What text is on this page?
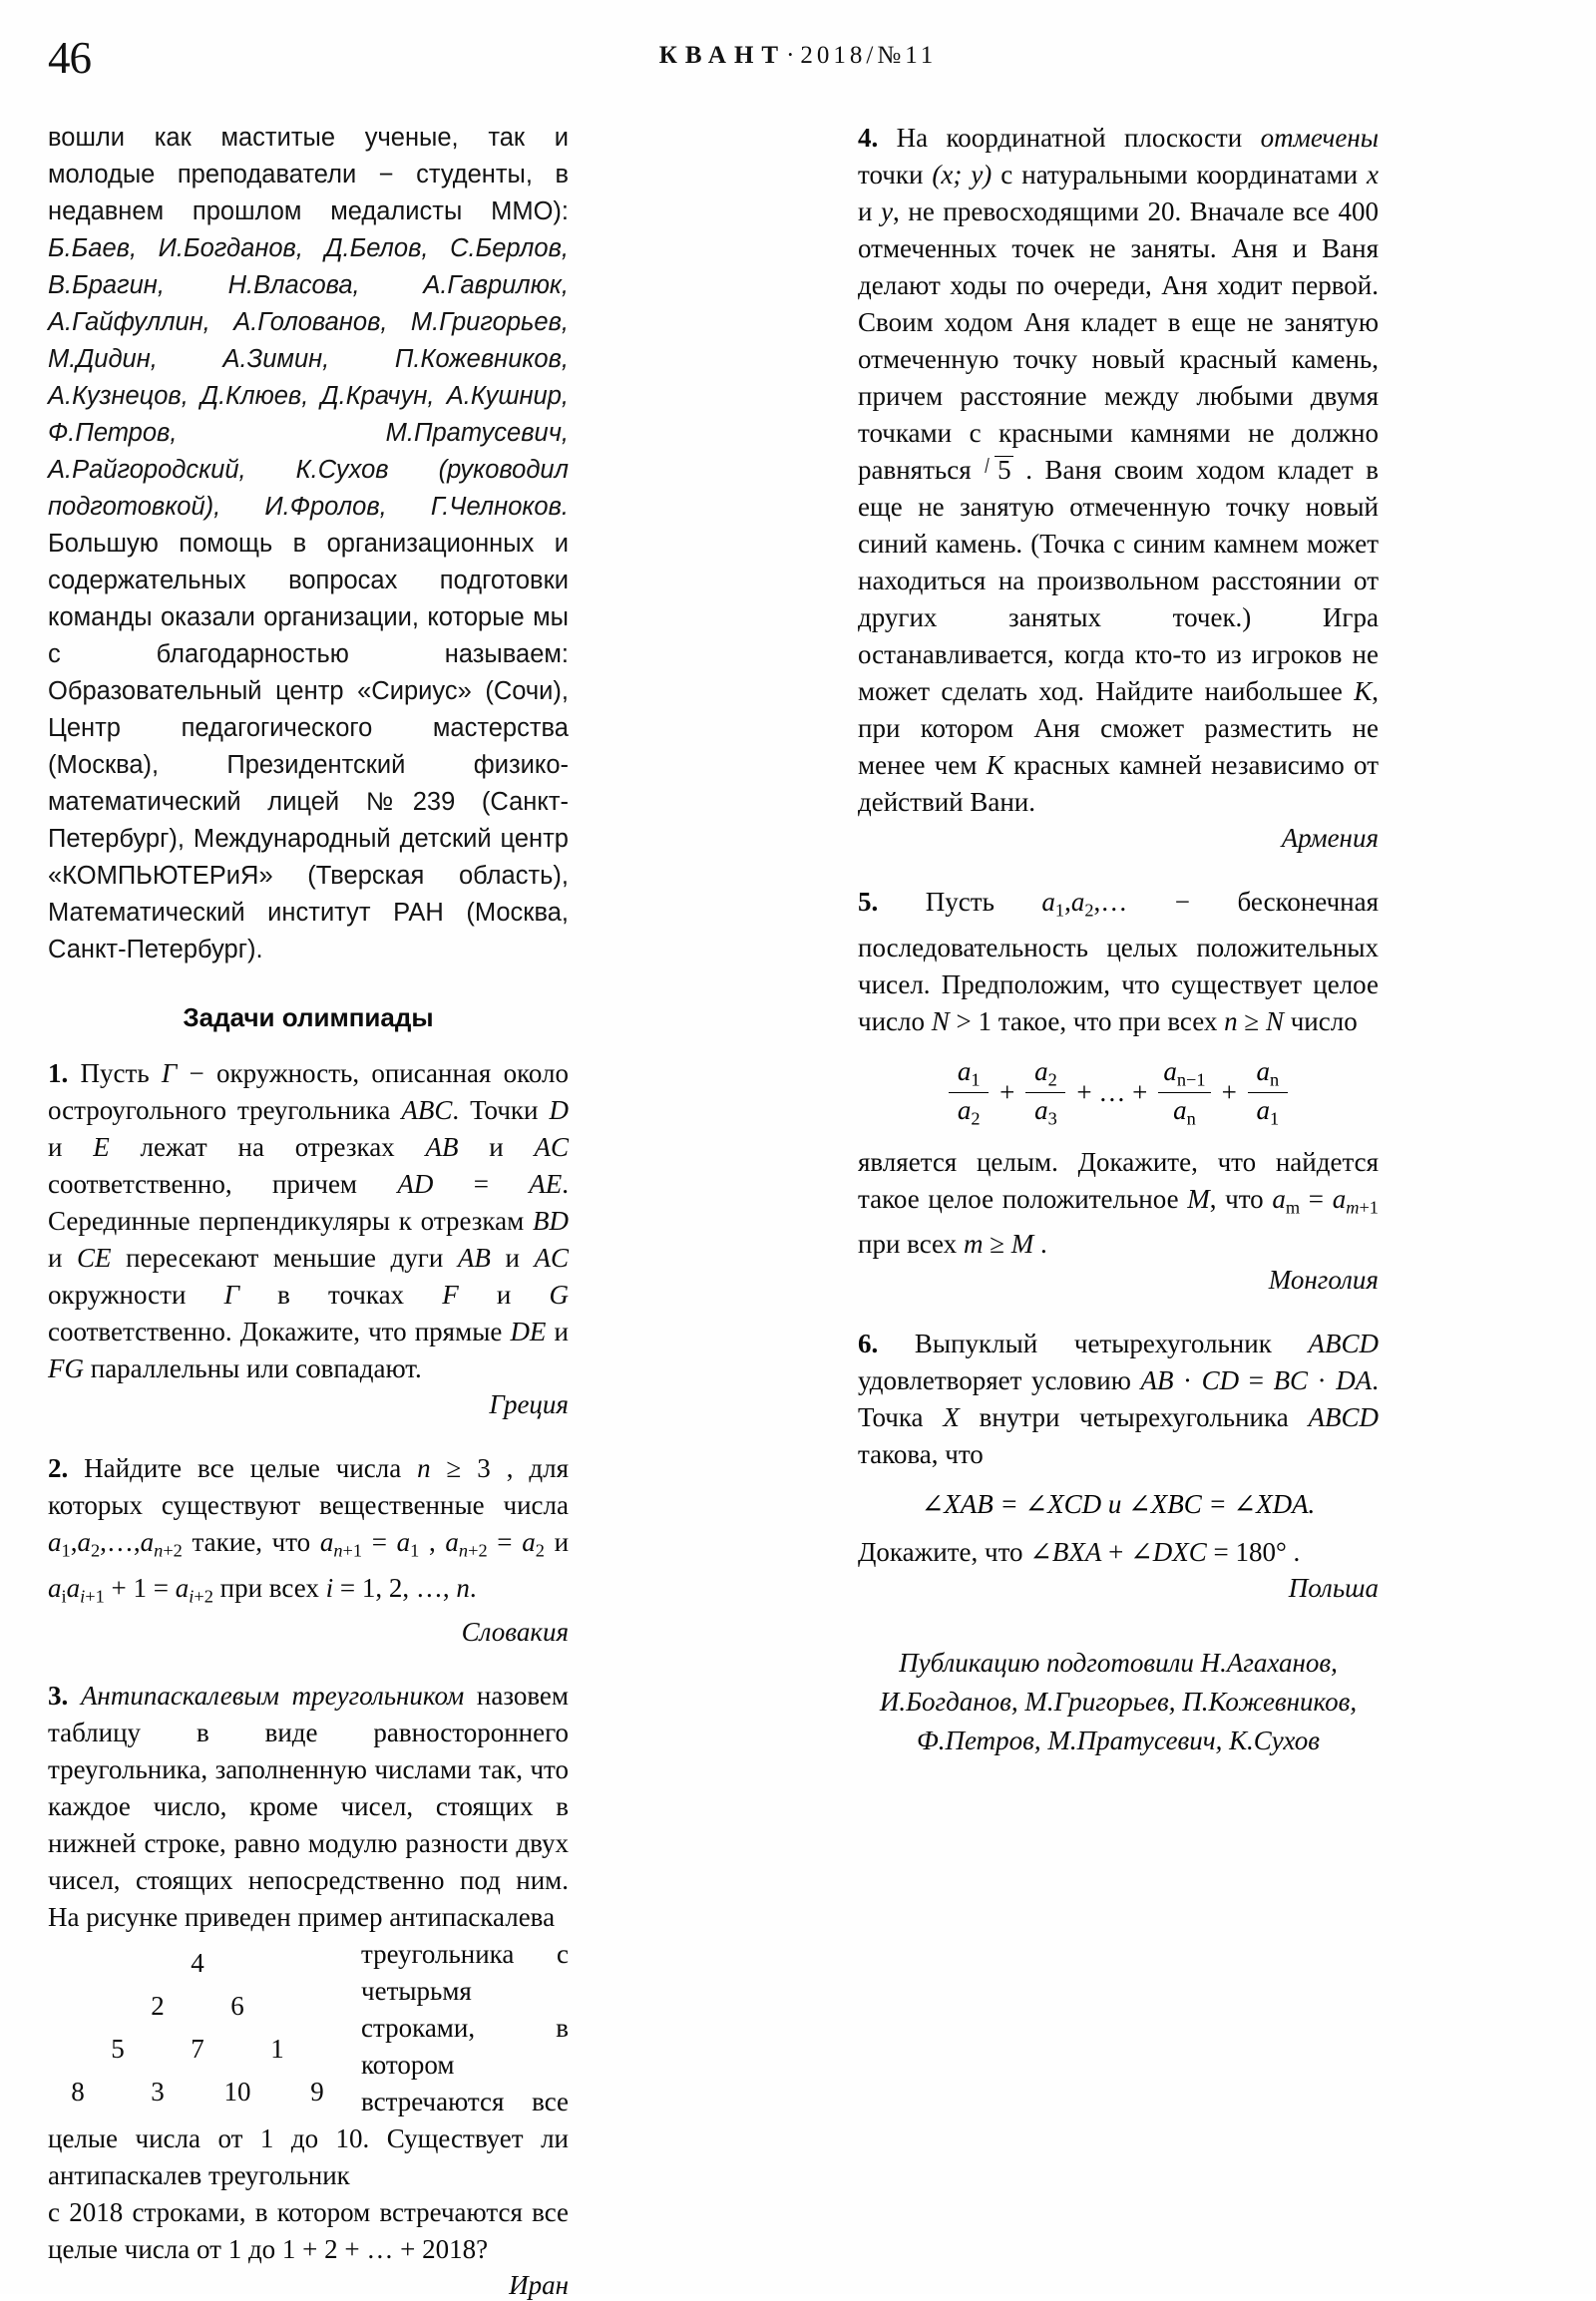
46	КВАНТ·2018/№11

вошли как маститые ученые, так и молодые преподаватели − студенты, в недавнем прошлом медалисты ММО): Б.Баев, И.Богданов, Д.Белов, С.Берлов, В.Брагин, Н.Власова, А.Гаврилюк, А.Гайфуллин, А.Голованов, М.Григорьев, М.Дидин, А.Зимин, П.Кожевников, А.Кузнецов, Д.Клюев, Д.Крачун, А.Кушнир, Ф.Петров, М.Пратусевич, А.Райгородский, К.Сухов (руководил подготовкой), И.Фролов, Г.Челноков. Большую помощь в организационных и содержательных вопросах подготовки команды оказали организации, которые мы с благодарностью называем: Образовательный центр «Сириус» (Сочи), Центр педагогического мастерства (Москва), Президентский физико-математический лицей №239 (Санкт-Петербург), Международный детский центр «КОМПЬЮТЕРиЯ» (Тверская область), Математический институт РАН (Москва, Санкт-Петербург).

Задачи олимпиады

1. Пусть Г − окружность, описанная около остроугольного треугольника ABC. Точки D и E лежат на отрезках AB и AC соответственно, причем AD = AE. Серединные перпендикуляры к отрезкам BD и CE пересекают меньшие дуги AB и AC окружности Г в точках F и G соответственно. Докажите, что прямые DE и FG параллельны или совпадают.

Греция

2. Найдите все целые числа n ≥ 3 , для которых существуют вещественные числа $a_1,a_2,\dots,a_{n+2}$ такие, что $a_{n+1} = a_1$ , $a_{n+2} = a_2$ и $a_ia_{i+1} + 1 = a_{i+2}$ при всех i = 1, 2, …, n.

Словакия

3. Антипаскалевым треугольником назовем таблицу в виде равностороннего треугольника, заполненную числами так, что каждое число, кроме чисел, стоящих в нижней строке, равно модулю разности двух чисел, стоящих непосредственно под ним. На рисунке приведен пример антипаскалева

4
2 6
5 7 1
8 3 10 9

треугольника с четырьмя строками, в котором встречаются все целые числа от 1 до 10. Существует ли антипаскалев треугольник

с 2018 строками, в котором встречаются все целые числа от 1 до 1 + 2 + … + 2018?

Иран

4. На координатной плоскости отмечены точки (x; y) с натуральными координатами x и y, не превосходящими 20. Вначале все 400 отмеченных точек не заняты. Аня и Ваня делают ходы по очереди, Аня ходит первой. Своим ходом Аня кладет в еще не занятую отмеченную точку новый красный камень, причем расстояние между любыми двумя точками с красными камнями не должно равняться 5 . Ваня своим ходом кладет в еще не занятую отмеченную точку новый синий камень. (Точка с синим камнем может находиться на произвольном расстоянии от других занятых точек.) Игра останавливается, когда кто-то из игроков не может сделать ход. Найдите наибольшее K, при котором Аня сможет разместить не менее чем K красных камней независимо от действий Вани.

Армения

5. Пусть $a_1,a_2,\dots$ − бесконечная последовательность целых положительных чисел. Предположим, что существует целое число N > 1 такое, что при всех n ≥ N число

$\frac{a_1}{a_2} + \frac{a_2}{a_3}$ + … + $\frac{a_{n-1}}{a_n} + \frac{a_n}{a_1}$

является целым. Докажите, что найдется такое целое положительное M, что $a_m = a_{m+1}$ при всех m ≥ M .

Монголия

6. Выпуклый четырехугольник ABCD удовлетворяет условию AB · CD = BC · DA. Точка X внутри четырехугольника ABCD такова, что

∠XAB = ∠XCD и ∠XBC = ∠XDA.

Докажите, что ∠BXA + ∠DXC = 180° .

Польша

Публикацию подготовили Н.Агаханов,
И.Богданов, М.Григорьев, П.Кожевников,
Ф.Петров, М.Пратусевич, К.Сухов
